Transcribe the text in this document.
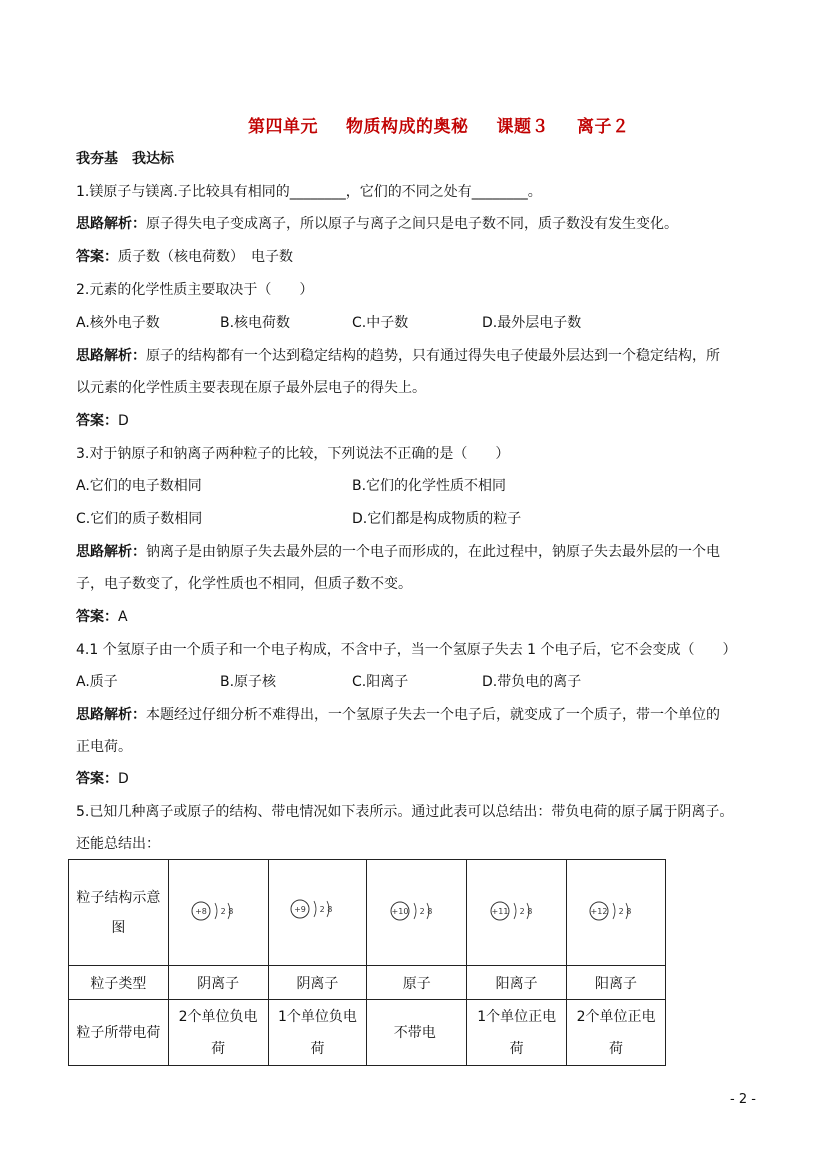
第四单元 物质构成的奥秘 课题３ 离子２
我夯基　我达标
1.镁原子与镁离.子比较具有相同的________，它们的不同之处有________。
思路解析：原子得失电子变成离子，所以原子与离子之间只是电子数不同，质子数没有发生变化。
答案：质子数（核电荷数）　电子数
2.元素的化学性质主要取决于（　　）
A.核外电子数	B.核电荷数	C.中子数	D.最外层电子数
思路解析：原子的结构都有一个达到稳定结构的趋势，只有通过得失电子使最外层达到一个稳定结构，所
以元素的化学性质主要表现在原子最外层电子的得失上。
答案：D
3.对于钠原子和钠离子两种粒子的比较，下列说法不正确的是（　　）
A.它们的电子数相同	B.它们的化学性质不相同
C.它们的质子数相同	D.它们都是构成物质的粒子
思路解析：钠离子是由钠原子失去最外层的一个电子而形成的，在此过程中，钠原子失去最外层的一个电
子，电子数变了，化学性质也不相同，但质子数不变。
答案：A
4.1 个氢原子由一个质子和一个电子构成，不含中子，当一个氢原子失去 1 个电子后，它不会变成（　　）
A.质子	B.原子核	C.阳离子	D.带负电的离子
思路解析：本题经过仔细分析不难得出，一个氢原子失去一个电子后，就变成了一个质子，带一个单位的
正电荷。
答案：D
5.已知几种离子或原子的结构、带电情况如下表所示。通过此表可以总结出：带负电荷的原子属于阴离子。
还能总结出：
粒子结构示意图	+8 2 8	+9 2 8	+10 2 8	+11 2 8	+12 2 8

粒子类型	阴离子	阴离子	原子	阳离子	阳离子
粒子所带电荷	2个单位负电荷	1个单位负电荷	不带电	1个单位正电荷	2个单位正电荷
- 2 -
